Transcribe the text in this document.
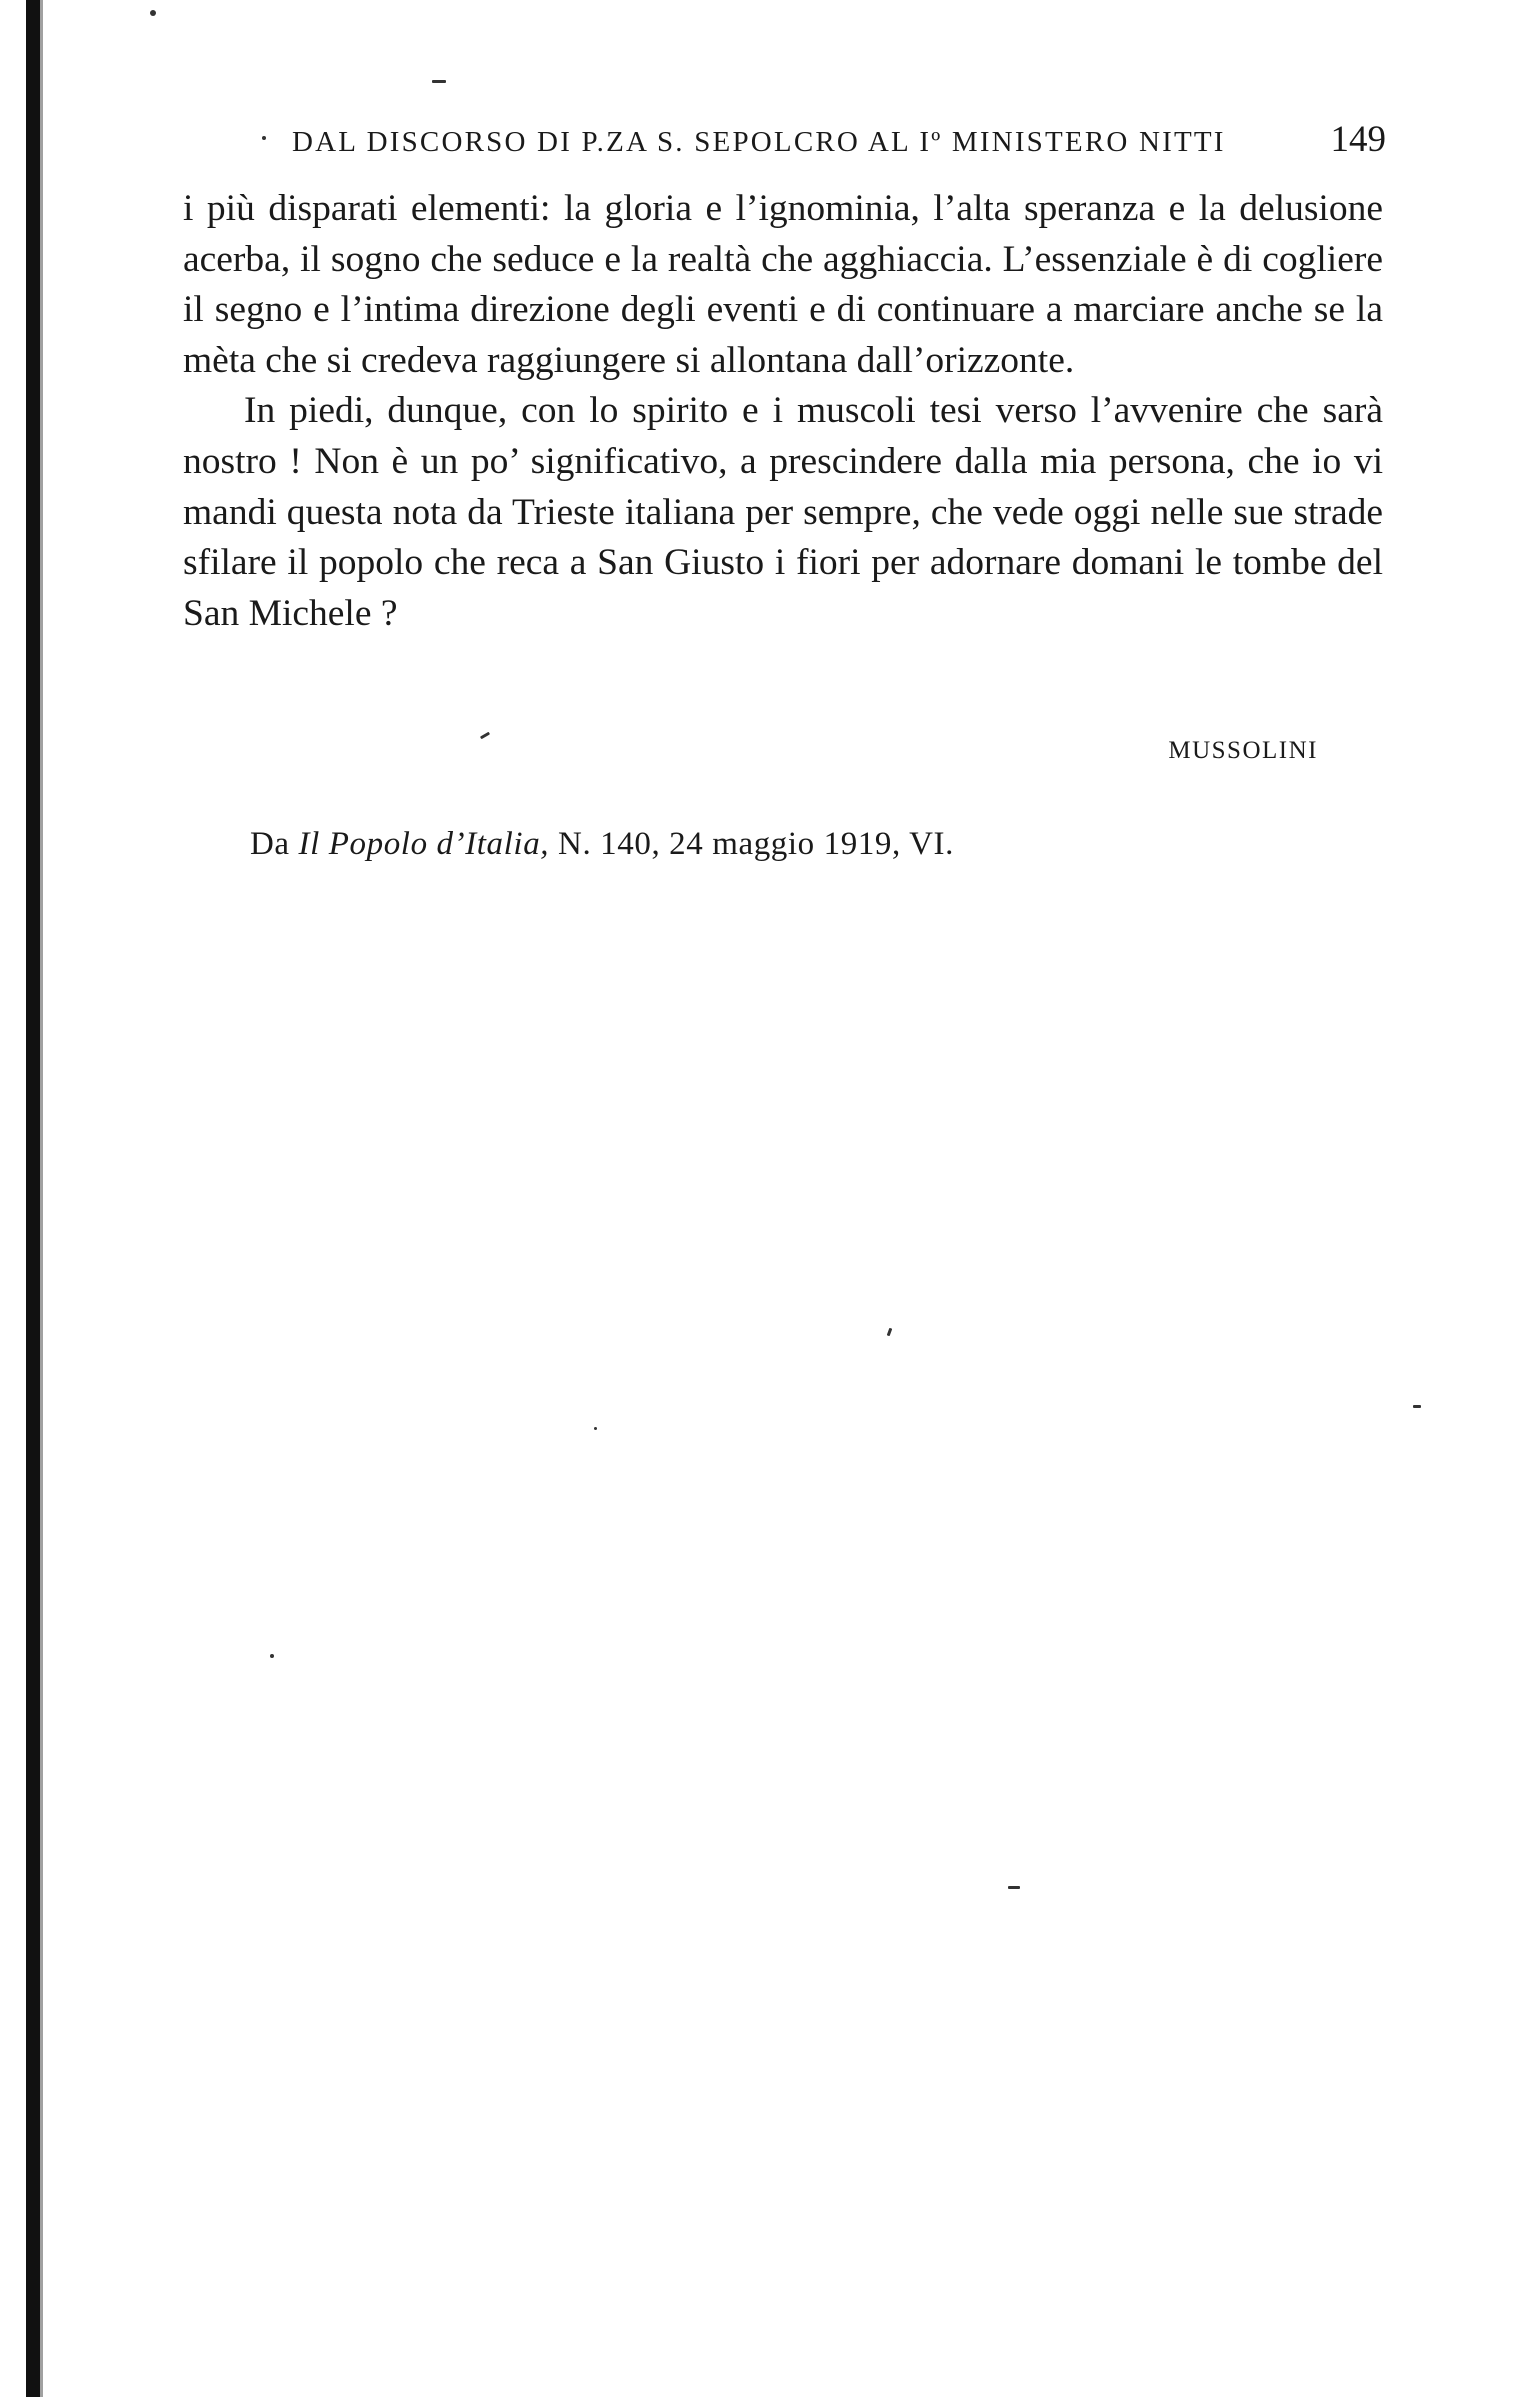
DAL DISCORSO DI P.ZA S. SEPOLCRO AL Iº MINISTERO NITTI	149

i più disparati elementi: la gloria e l’ignominia, l’alta speranza e la delusione acerba, il sogno che seduce e la realtà che agghiaccia. L’essenziale è di cogliere il segno e l’intima direzione degli eventi e di continuare a marciare anche se la mèta che si credeva raggiungere si allontana dall’orizzonte.

In piedi, dunque, con lo spirito e i muscoli tesi verso l’avvenire che sarà nostro ! Non è un po’ significativo, a prescindere dalla mia persona, che io vi mandi questa nota da Trieste italiana per sempre, che vede oggi nelle sue strade sfilare il popolo che reca a San Giusto i fiori per adornare domani le tombe del San Michele ?

MUSSOLINI
Da Il Popolo d’Italia, N. 140, 24 maggio 1919, VI.
